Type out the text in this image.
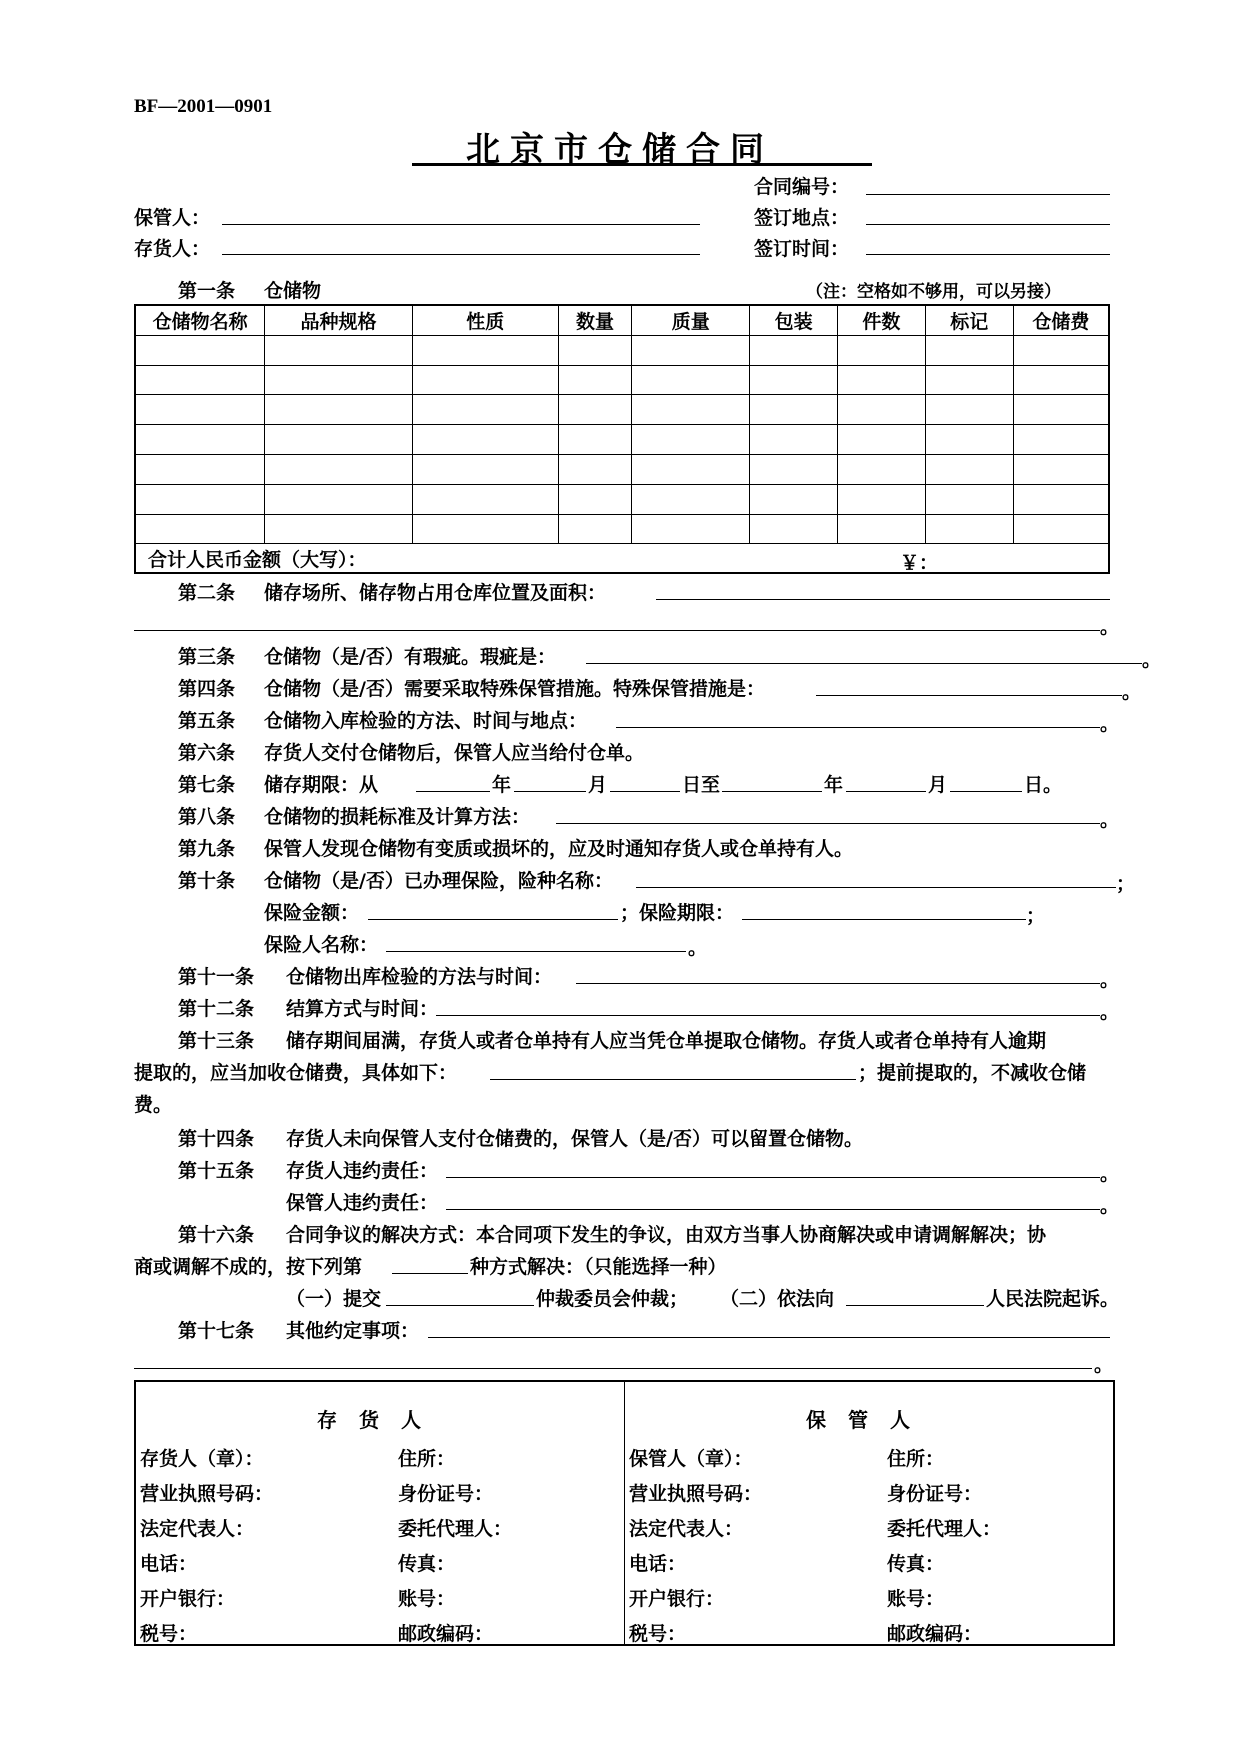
BF—2001—0901
北京市仓储合同
合同编号：
保管人：	签订地点：
存货人：	签订时间：
第一条 仓储物	（注：空格如不够用，可以另接）
仓储物名称	品种规格	性质	数量	质量	包装	件数	标记	仓储费

合计人民币金额（大写）： ￥：								
第二条 储存场所、储存物占用仓库位置及面积：
。
第三条 仓储物（是/否）有瑕疵。瑕疵是：	。
第四条 仓储物（是/否）需要采取特殊保管措施。特殊保管措施是：	。
第五条 仓储物入库检验的方法、时间与地点：	。
第六条 存货人交付仓储物后，保管人应当给付仓单。
第七条 储存期限：从	年	月	日至	年	月	日。
第八条 仓储物的损耗标准及计算方法：	。
第九条 保管人发现仓储物有变质或损坏的，应及时通知存货人或仓单持有人。
第十条 仓储物（是/否）已办理保险，险种名称：	；
保险金额：	；保险期限：	；
保险人名称：	。
第十一条 仓储物出库检验的方法与时间：	。
第十二条 结算方式与时间：	。
第十三条 储存期间届满，存货人或者仓单持有人应当凭仓单提取仓储物。存货人或者仓单持有人逾期
提取的，应当加收仓储费，具体如下：	；提前提取的，不减收仓储
费。
第十四条 存货人未向保管人支付仓储费的，保管人（是/否）可以留置仓储物。
第十五条 存货人违约责任：	。
保管人违约责任：	。
第十六条 合同争议的解决方式：本合同项下发生的争议，由双方当事人协商解决或申请调解解决；协
商或调解不成的，按下列第	种方式解决：（只能选择一种）
（一）提交	仲裁委员会仲裁； （二）依法向	人民法院起诉。
第十七条 其他约定事项：
。
存货人
存货人（章）：	住所：
营业执照号码：	身份证号：
法定代表人：	委托代理人：
电话：	传真：
开户银行：	账号：
税号：	邮政编码：

保管人
保管人（章）：	住所：
营业执照号码：	身份证号：
法定代表人：	委托代理人：
电话：	传真：
开户银行：	账号：
税号：	邮政编码：
